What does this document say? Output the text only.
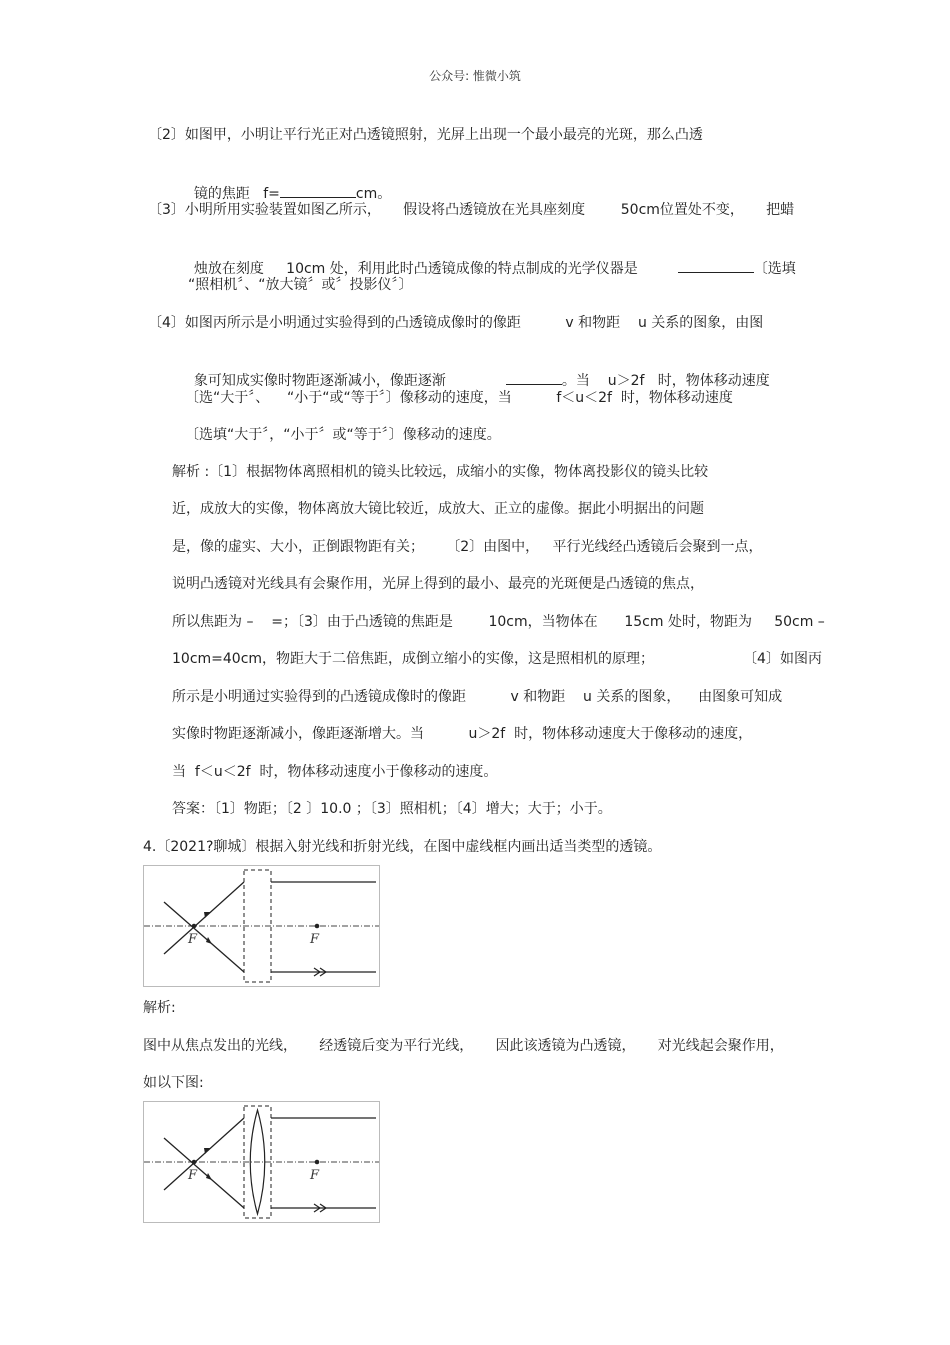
公众号: 惟微小筑
〔2〕如图甲，小明让平行光正对凸透镜照射，光屏上出现一个最小最亮的光斑，那么凸透

镜的焦距   f=	cm。

〔3〕小明所用实验装置如图乙所示，     假设将凸透镜放在光具座刻度        50cm位置处不变，     把蜡

烛放在刻度     10cm 处，利用此时凸透镜成像的特点制成的光学仪器是	〔选填

“照相机〞、“放大镜〞或〞投影仪〞〕
〔4〕如图丙所示是小明通过实验得到的凸透镜成像时的像距          v 和物距    u 关系的图象，由图

象可知成实像时物距逐渐减小，像距逐渐	。当    u＞2f   时，物体移动速度

〔选“大于〞、    “小于“或“等于〞〕像移动的速度，当          f＜u＜2f  时，物体移动速度
〔选填“大于〞，“小于〞或“等于〞〕像移动的速度。
解析 :〔1〕根据物体离照相机的镜头比较远，成缩小的实像，物体离投影仪的镜头比较
近，成放大的实像，物体离放大镜比较近，成放大、正立的虚像。据此小明据出的问题
是，像的虚实、大小，正倒跟物距有关；     〔2〕由图中，   平行光线经凸透镜后会聚到一点，
说明凸透镜对光线具有会聚作用，光屏上得到的最小、最亮的光斑便是凸透镜的焦点，
所以焦距为 –    =；〔3〕由于凸透镜的焦距是        10cm，当物体在      15cm 处时，物距为     50cm –
10cm=40cm，物距大于二倍焦距，成倒立缩小的实像，这是照相机的原理；                    〔4〕如图丙
所示是小明通过实验得到的凸透镜成像时的像距          v 和物距    u 关系的图象，    由图象可知成
实像时物距逐渐减小，像距逐渐增大。当          u＞2f  时，物体移动速度大于像移动的速度，
当  f＜u＜2f  时，物体移动速度小于像移动的速度。
答案：〔1〕物距；〔2 〕10.0 ；〔3〕照相机；〔4〕增大；大于；小于。
4.〔2021?聊城〕根据入射光线和折射光线，在图中虚线框内画出适当类型的透镜。
F	F
解析:
图中从焦点发出的光线，     经透镜后变为平行光线，     因此该透镜为凸透镜，     对光线起会聚作用，
如以下图:
F	F
